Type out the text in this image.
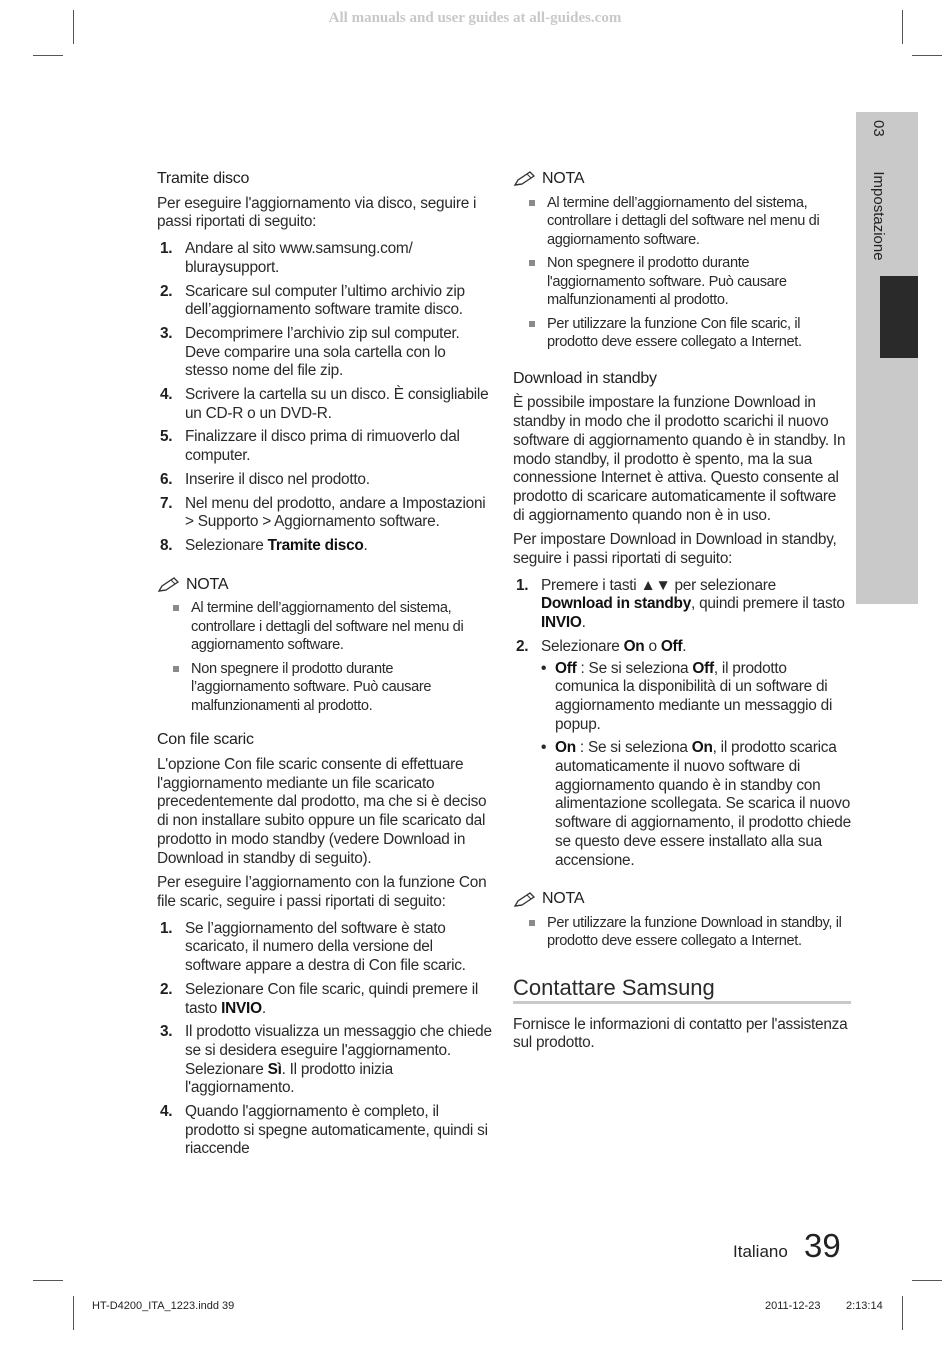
All manuals and user guides at all-guides.com
Tramite disco

Per eseguire l'aggiornamento via disco, seguire i passi riportati di seguito:

1. Andare al sito www.samsung.com/ bluraysupport.
2. Scaricare sul computer l’ultimo archivio zip dell’aggiornamento software tramite disco.
3. Decomprimere l’archivio zip sul computer. Deve comparire una sola cartella con lo stesso nome del file zip.
4. Scrivere la cartella su un disco. È consigliabile un CD-R o un DVD-R.
5. Finalizzare il disco prima di rimuoverlo dal computer.
6. Inserire il disco nel prodotto.
7. Nel menu del prodotto, andare a Impostazioni > Supporto > Aggiornamento software.
8. Selezionare Tramite disco.
NOTA
Al termine dell’aggiornamento del sistema, controllare i dettagli del software nel menu di aggiornamento software.
Non spegnere il prodotto durante l’aggiornamento software. Può causare malfunzionamenti al prodotto.
Con file scaric

L'opzione Con file scaric consente di effettuare l'aggiornamento mediante un file scaricato precedentemente dal prodotto, ma che si è deciso di non installare subito oppure un file scaricato dal prodotto in modo standby (vedere Download in Download in standby di seguito).

Per eseguire l’aggiornamento con la funzione Con file scaric, seguire i passi riportati di seguito:

1. Se l’aggiornamento del software è stato scaricato, il numero della versione del software appare a destra di Con file scaric.
2. Selezionare Con file scaric, quindi premere il tasto INVIO.
3. Il prodotto visualizza un messaggio che chiede se si desidera eseguire l'aggiornamento. Selezionare Sì. Il prodotto inizia l'aggiornamento.
4. Quando l'aggiornamento è completo, il prodotto si spegne automaticamente, quindi si riaccende
NOTA
Al termine dell’aggiornamento del sistema, controllare i dettagli del software nel menu di aggiornamento software.
Non spegnere il prodotto durante l'aggiornamento software. Può causare malfunzionamenti al prodotto.
Per utilizzare la funzione Con file scaric, il prodotto deve essere collegato a Internet.
Download in standby

È possibile impostare la funzione Download in standby in modo che il prodotto scarichi il nuovo software di aggiornamento quando è in standby. In modo standby, il prodotto è spento, ma la sua connessione Internet è attiva. Questo consente al prodotto di scaricare automaticamente il software di aggiornamento quando non è in uso.

Per impostare Download in Download in standby, seguire i passi riportati di seguito:

1. Premere i tasti ▲▼ per selezionare Download in standby, quindi premere il tasto INVIO.
2. Selezionare On o Off.
• Off : Se si seleziona Off, il prodotto comunica la disponibilità di un software di aggiornamento mediante un messaggio di popup.
• On : Se si seleziona On, il prodotto scarica automaticamente il nuovo software di aggiornamento quando è in standby con alimentazione scollegata. Se scarica il nuovo software di aggiornamento, il prodotto chiede se questo deve essere installato alla sua accensione.
NOTA
Per utilizzare la funzione Download in standby, il prodotto deve essere collegato a Internet.
Contattare Samsung

Fornisce le informazioni di contatto per l'assistenza sul prodotto.

03    Impostazione
Italiano 39
HT-D4200_ITA_1223.indd 39	2011-12-23 2:13:14
